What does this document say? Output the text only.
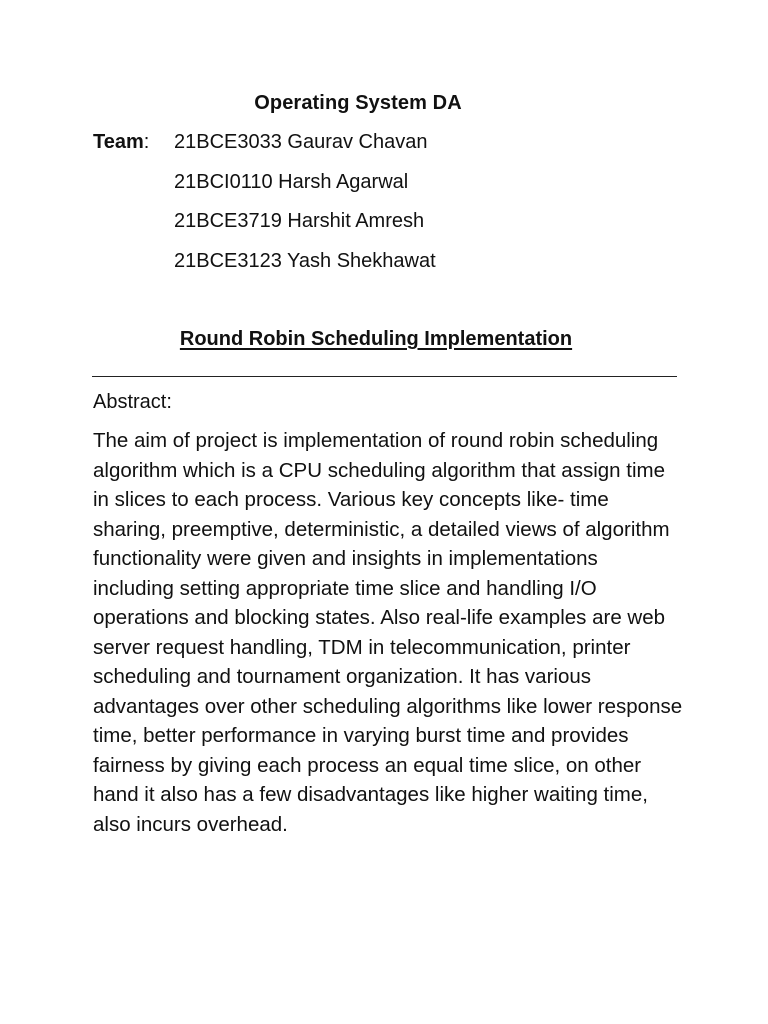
Operating System DA
Team: 21BCE3033 Gaurav Chavan
21BCI0110 Harsh Agarwal
21BCE3719 Harshit Amresh
21BCE3123 Yash Shekhawat
Round Robin Scheduling Implementation
Abstract:

The aim of project is implementation of round robin scheduling algorithm which is a CPU scheduling algorithm that assign time in slices to each process. Various key concepts like- time sharing, preemptive, deterministic, a detailed views of algorithm functionality were given and insights in implementations including setting appropriate time slice and handling I/O operations and blocking states. Also real-life examples are web server request handling, TDM in telecommunication, printer scheduling and tournament organization. It has various advantages over other scheduling algorithms like lower response time, better performance in varying burst time and provides fairness by giving each process an equal time slice, on other hand it also has a few disadvantages like higher waiting time, also incurs overhead.
